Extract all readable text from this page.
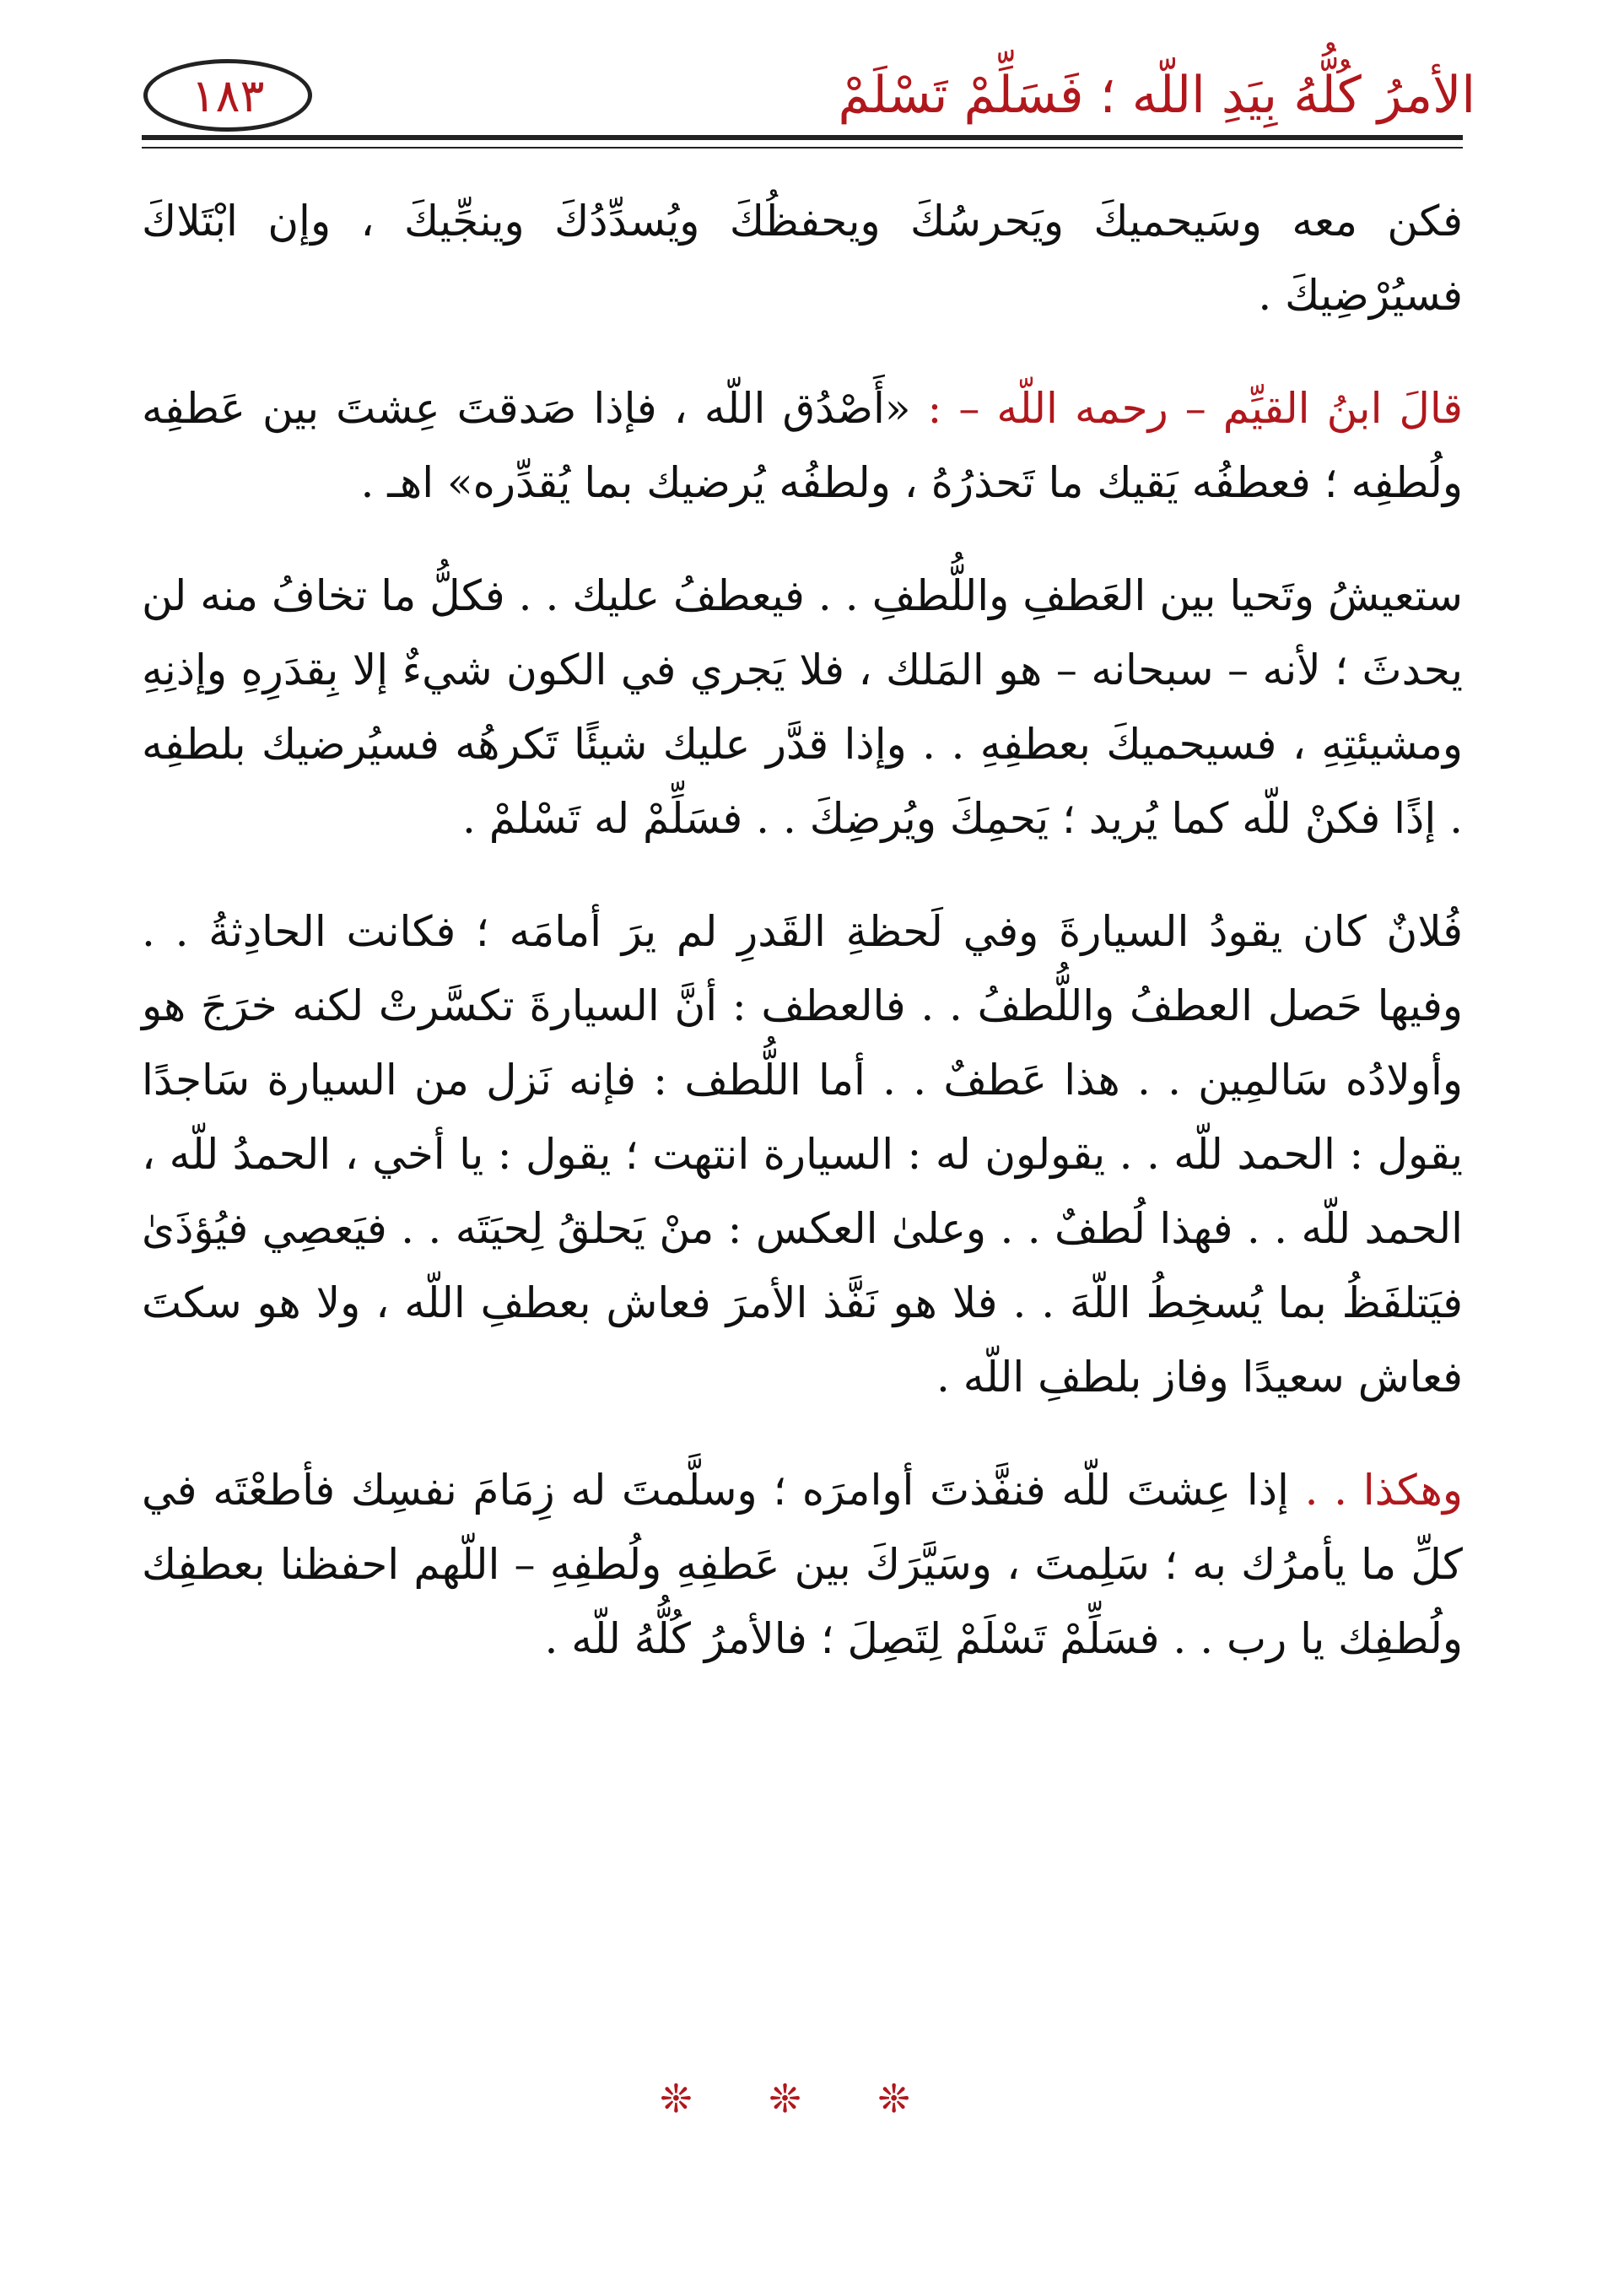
الأمرُ كُلُّهُ بِيَدِ اللّه ؛ فَسَلِّمْ تَسْلَمْ
١٨٣

فكن معه وسَيحميكَ ويَحرسُكَ ويحفظُكَ ويُسدِّدُكَ وينجِّيكَ ، وإن ابْتَلاكَ فسيُرْضِيكَ .

قالَ ابنُ القيِّم – رحمه اللّه – : «أَصْدُق اللّه ، فإذا صَدقتَ عِشتَ بين عَطفِه ولُطفِه ؛ فعطفُه يَقيك ما تَحذرُهُ ، ولطفُه يُرضيك بما يُقدِّره» اهـ .

ستعيشُ وتَحيا بين العَطفِ واللُّطفِ . . فيعطفُ عليك . . فكلُّ ما تخافُ منه لن يحدثَ ؛ لأنه – سبحانه – هو المَلك ، فلا يَجري في الكون شيءٌ إلا بِقدَرِهِ وإذنِهِ ومشيئتِهِ ، فسيحميكَ بعطفِهِ . . وإذا قدَّر عليك شيئًا تَكرهُه فسيُرضيك بلطفِه . إذًا فكنْ للّه كما يُريد ؛ يَحمِكَ ويُرضِكَ . . فسَلِّمْ له تَسْلمْ .

فُلانٌ كان يقودُ السيارةَ وفي لَحظةِ القَدرِ لم يرَ أمامَه ؛ فكانت الحادِثةُ . . وفيها حَصل العطفُ واللُّطفُ . . فالعطف : أنَّ السيارةَ تكسَّرتْ لكنه خرَجَ هو وأولادُه سَالمِين . . هذا عَطفٌ . . أما اللُّطف : فإنه نَزل من السيارة سَاجدًا يقول : الحمد للّه . . يقولون له : السيارة انتهت ؛ يقول : يا أخي ، الحمدُ للّه ، الحمد للّه . . فهذا لُطفٌ . . وعلىٰ العكس : منْ يَحلقُ لِحيَتَه . . فيَعصِي فيُؤذَىٰ فيَتلفَظُ بما يُسخِطُ اللّهَ . . فلا هو نَفَّذ الأمرَ فعاش بعطفِ اللّه ، ولا هو سكتَ فعاش سعيدًا وفاز بلطفِ اللّه .

وهكذا . . إذا عِشتَ للّه فنفَّذتَ أوامرَه ؛ وسلَّمتَ له زِمَامَ نفسِك فأطعْتَه في كلِّ ما يأمرُك به ؛ سَلِمتَ ، وسَيَّرَكَ بين عَطفِهِ ولُطفِهِ – اللّهم احفظنا بعطفِك ولُطفِك يا رب . . فسَلِّمْ تَسْلَمْ لِتَصِلَ ؛ فالأمرُ كُلُّهُ للّه .

❊ ❊ ❊
